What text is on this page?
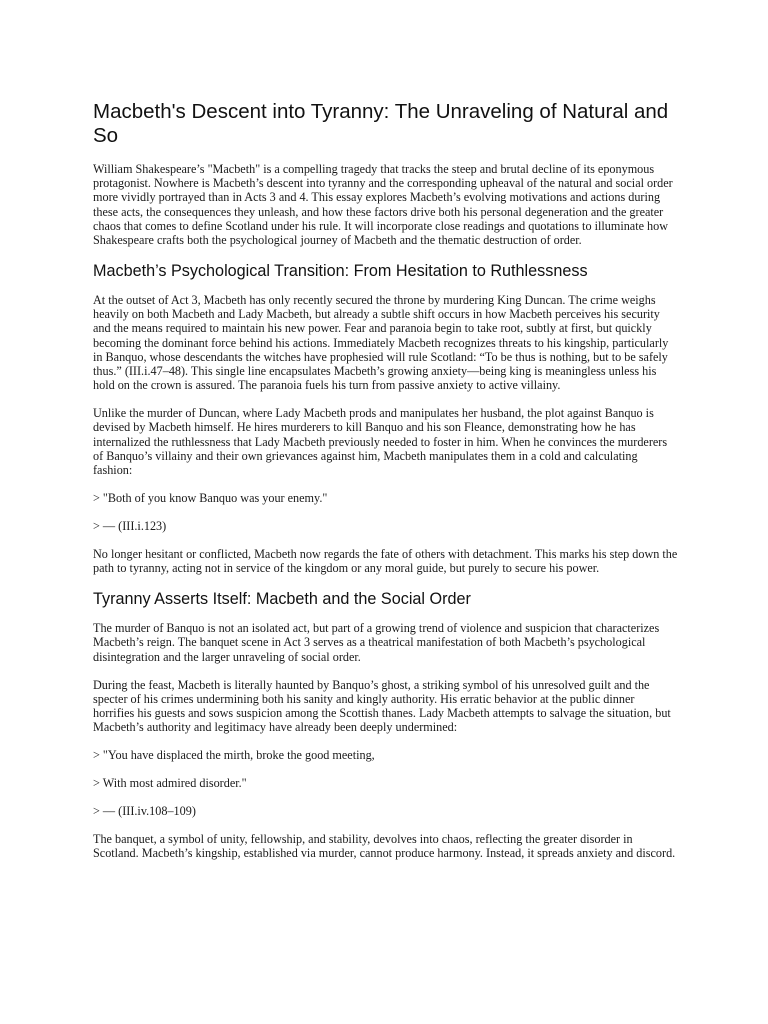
Macbeth's Descent into Tyranny: The Unraveling of Natural and So

William Shakespeare’s "Macbeth" is a compelling tragedy that tracks the steep and brutal decline of its eponymous protagonist. Nowhere is Macbeth’s descent into tyranny and the corresponding upheaval of the natural and social order more vividly portrayed than in Acts 3 and 4. This essay explores Macbeth’s evolving motivations and actions during these acts, the consequences they unleash, and how these factors drive both his personal degeneration and the greater chaos that comes to define Scotland under his rule. It will incorporate close readings and quotations to illuminate how Shakespeare crafts both the psychological journey of Macbeth and the thematic destruction of order.

Macbeth’s Psychological Transition: From Hesitation to Ruthlessness

At the outset of Act 3, Macbeth has only recently secured the throne by murdering King Duncan. The crime weighs heavily on both Macbeth and Lady Macbeth, but already a subtle shift occurs in how Macbeth perceives his security and the means required to maintain his new power. Fear and paranoia begin to take root, subtly at first, but quickly becoming the dominant force behind his actions. Immediately Macbeth recognizes threats to his kingship, particularly in Banquo, whose descendants the witches have prophesied will rule Scotland: “To be thus is nothing, but to be safely thus.” (III.i.47–48). This single line encapsulates Macbeth’s growing anxiety—being king is meaningless unless his hold on the crown is assured. The paranoia fuels his turn from passive anxiety to active villainy.

Unlike the murder of Duncan, where Lady Macbeth prods and manipulates her husband, the plot against Banquo is devised by Macbeth himself. He hires murderers to kill Banquo and his son Fleance, demonstrating how he has internalized the ruthlessness that Lady Macbeth previously needed to foster in him. When he convinces the murderers of Banquo’s villainy and their own grievances against him, Macbeth manipulates them in a cold and calculating fashion:

> "Both of you know Banquo was your enemy."

> — (III.i.123)

No longer hesitant or conflicted, Macbeth now regards the fate of others with detachment. This marks his step down the path to tyranny, acting not in service of the kingdom or any moral guide, but purely to secure his power.

Tyranny Asserts Itself: Macbeth and the Social Order

The murder of Banquo is not an isolated act, but part of a growing trend of violence and suspicion that characterizes Macbeth’s reign. The banquet scene in Act 3 serves as a theatrical manifestation of both Macbeth’s psychological disintegration and the larger unraveling of social order.

During the feast, Macbeth is literally haunted by Banquo’s ghost, a striking symbol of his unresolved guilt and the specter of his crimes undermining both his sanity and kingly authority. His erratic behavior at the public dinner horrifies his guests and sows suspicion among the Scottish thanes. Lady Macbeth attempts to salvage the situation, but Macbeth’s authority and legitimacy have already been deeply undermined:

> "You have displaced the mirth, broke the good meeting,

> With most admired disorder."

> — (III.iv.108–109)

The banquet, a symbol of unity, fellowship, and stability, devolves into chaos, reflecting the greater disorder in Scotland. Macbeth’s kingship, established via murder, cannot produce harmony. Instead, it spreads anxiety and discord.
